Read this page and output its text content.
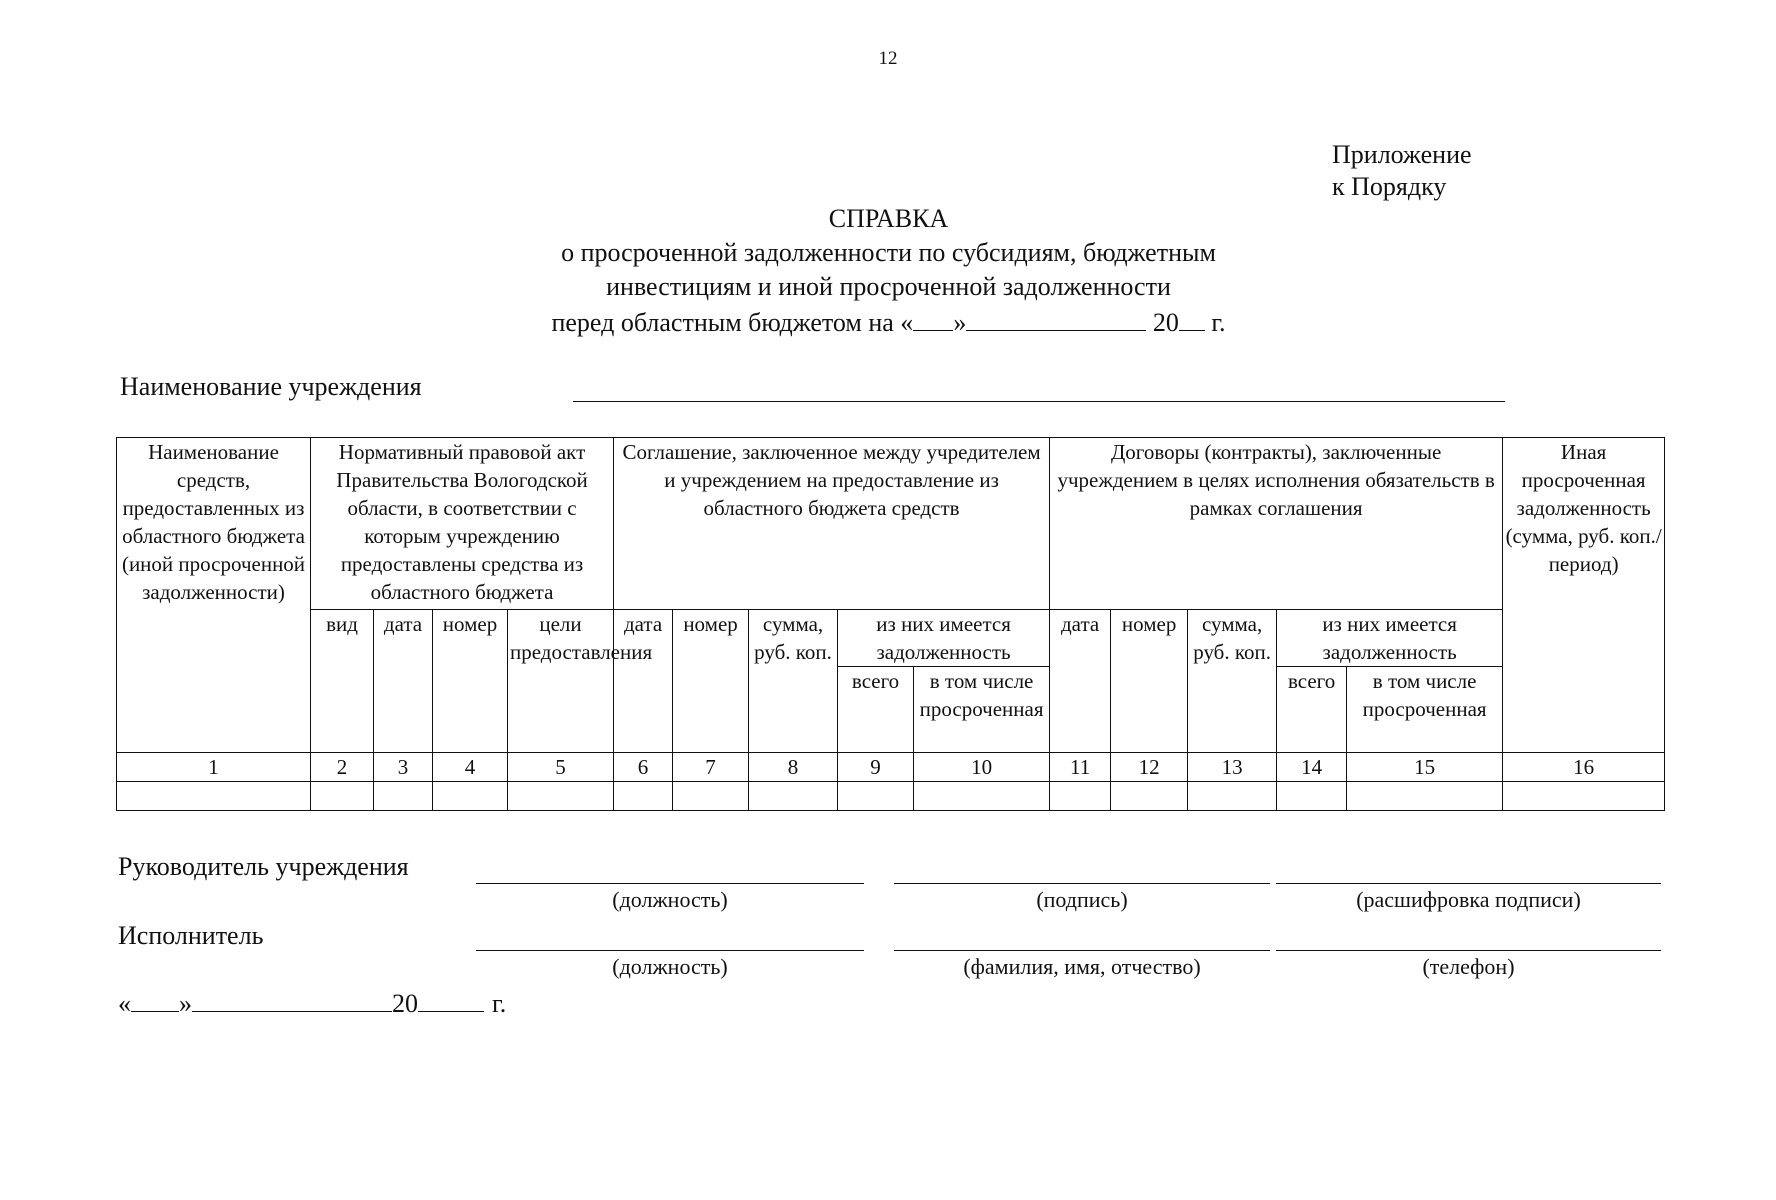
12
Приложение
к Порядку
СПРАВКА
о просроченной задолженности по субсидиям, бюджетным
инвестициям и иной просроченной задолженности
перед областным бюджетом на « »	20 г.
Наименование учреждения
Наименование средств, предоставленных из областного бюджета (иной просроченной задолженности)	Нормативный правовой акт Правительства Вологодской области, в соответствии с которым учреждению предоставлены средства из областного бюджета				Соглашение, заключенное между учредителем и учреждением на предоставление из областного бюджета средств					Договоры (контракты), заключенные учреждением в целях исполнения обязательств в рамках соглашения					Иная просроченная задолженность (сумма, руб. коп./период)
	вид	дата	номер	цели предоставления	дата	номер	сумма, руб. коп.	из них имеется задолженность		дата	номер	сумма, руб. коп.	из них имеется задолженность		
								всего	в том числе просроченная				всего	в том числе просроченная	

1	2	3	4	5	6	7	8	9	10	11	12	13	14	15	16

Руководитель учреждения
(должность)	(подпись)	(расшифровка подписи)
Исполнитель
(должность)	(фамилия, имя, отчество)	(телефон)
« »	20	г.
